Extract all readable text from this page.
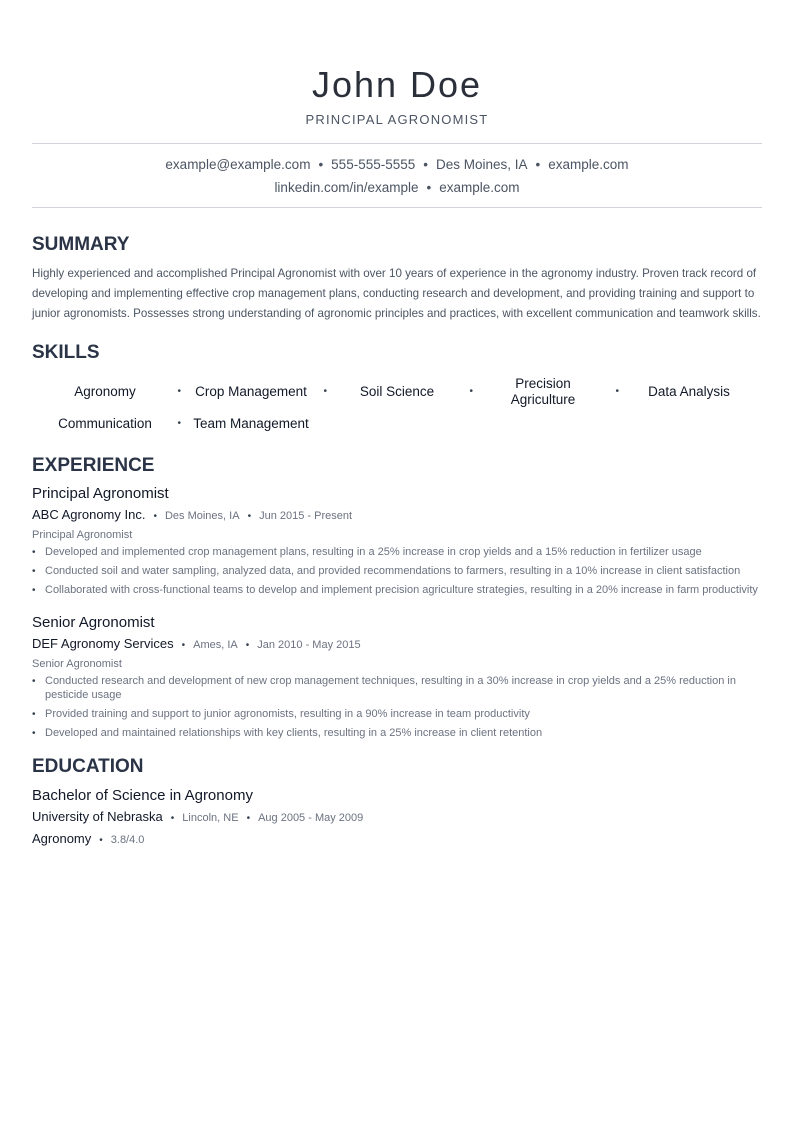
John Doe
PRINCIPAL AGRONOMIST
example@example.com • 555-555-5555 • Des Moines, IA • example.com
linkedin.com/in/example • example.com
SUMMARY
Highly experienced and accomplished Principal Agronomist with over 10 years of experience in the agronomy industry. Proven track record of developing and implementing effective crop management plans, conducting research and development, and providing training and support to junior agronomists. Possesses strong understanding of agronomic principles and practices, with excellent communication and teamwork skills.
SKILLS
Agronomy	• Crop Management • Soil Science	•
Precision Agriculture
• Data Analysis
Communication	• Team Management
EXPERIENCE
Principal Agronomist
ABC Agronomy Inc. • Des Moines, IA • Jun 2015 - Present
Principal Agronomist
• Developed and implemented crop management plans, resulting in a 25% increase in crop yields and a 15% reduction in fertilizer usage
• Conducted soil and water sampling, analyzed data, and provided recommendations to farmers, resulting in a 10% increase in client satisfaction
• Collaborated with cross-functional teams to develop and implement precision agriculture strategies, resulting in a 20% increase in farm productivity
Senior Agronomist
DEF Agronomy Services • Ames, IA • Jan 2010 - May 2015
Senior Agronomist
• Conducted research and development of new crop management techniques, resulting in a 30% increase in crop yields and a 25% reduction in pesticide usage
• Provided training and support to junior agronomists, resulting in a 90% increase in team productivity
• Developed and maintained relationships with key clients, resulting in a 25% increase in client retention
EDUCATION
Bachelor of Science in Agronomy
University of Nebraska • Lincoln, NE • Aug 2005 - May 2009
Agronomy • 3.8/4.0
